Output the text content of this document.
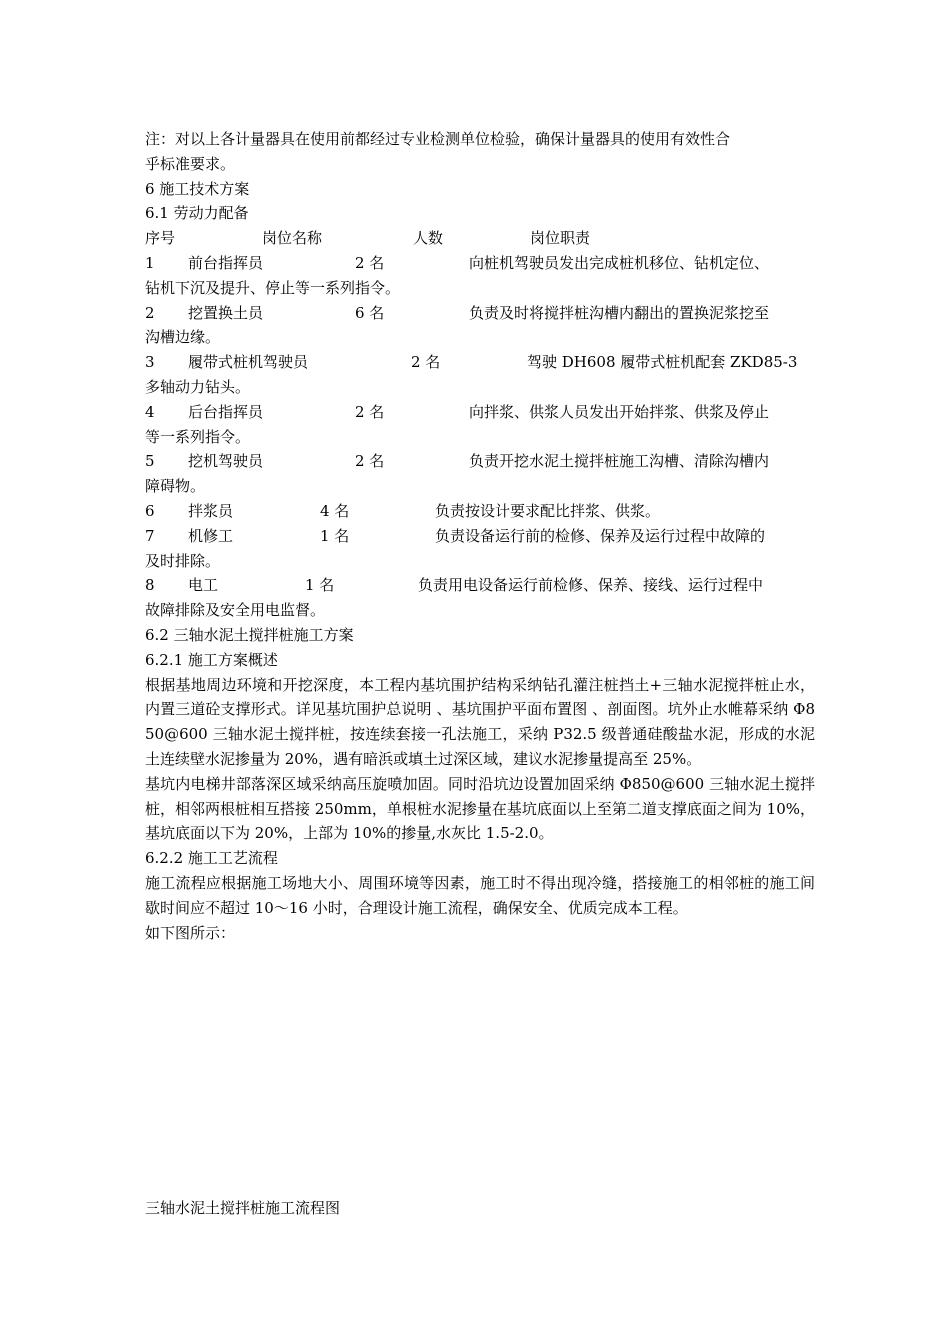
注：对以上各计量器具在使用前都经过专业检测单位检验，确保计量器具的使用有效性合
乎标准要求。
6 施工技术方案
6.1 劳动力配备
序号	岗位名称	人数	岗位职责
1 前台指挥员	2 名	向桩机驾驶员发出完成桩机移位、钻机定位、
钻机下沉及提升、停止等一系列指令。
2 挖置换土员	6 名	负责及时将搅拌桩沟槽内翻出的置换泥浆挖至
沟槽边缘。
3 履带式桩机驾驶员	2 名	驾驶 DH608 履带式桩机配套 ZKD85-3
多轴动力钻头。
4 后台指挥员	2 名	向拌浆、供浆人员发出开始拌浆、供浆及停止
等一系列指令。
5 挖机驾驶员	2 名	负责开挖水泥土搅拌桩施工沟槽、清除沟槽内
障碍物。
6 拌浆员	4 名	负责按设计要求配比拌浆、供浆。
7 机修工	1 名	负责设备运行前的检修、保养及运行过程中故障的
及时排除。
8 电工	1 名	负责用电设备运行前检修、保养、接线、运行过程中
故障排除及安全用电监督。
6.2 三轴水泥土搅拌桩施工方案
6.2.1 施工方案概述
根据基地周边环境和开挖深度，本工程内基坑围护结构采纳钻孔灌注桩挡土+三轴水泥搅拌桩止水，内置三道砼支撑形式。详见基坑围护总说明 、基坑围护平面布置图 、剖面图。坑外止水帷幕采纳 Φ850@600 三轴水泥土搅拌桩，按连续套接一孔法施工，采纳 P32.5 级普通硅酸盐水泥，形成的水泥土连续壁水泥掺量为 20%，遇有暗浜或填土过深区域，建议水泥掺量提高至 25%。
基坑内电梯井部落深区域采纳高压旋喷加固。同时沿坑边设置加固采纳 Φ850@600 三轴水泥土搅拌桩，相邻两根桩相互搭接 250mm，单根桩水泥掺量在基坑底面以上至第二道支撑底面之间为 10%，基坑底面以下为 20%，上部为 10%的掺量,水灰比 1.5-2.0。
6.2.2 施工工艺流程
施工流程应根据施工场地大小、周围环境等因素，施工时不得出现冷缝，搭接施工的相邻桩的施工间歇时间应不超过 10～16 小时，合理设计施工流程，确保安全、优质完成本工程。
如下图所示：
三轴水泥土搅拌桩施工流程图
